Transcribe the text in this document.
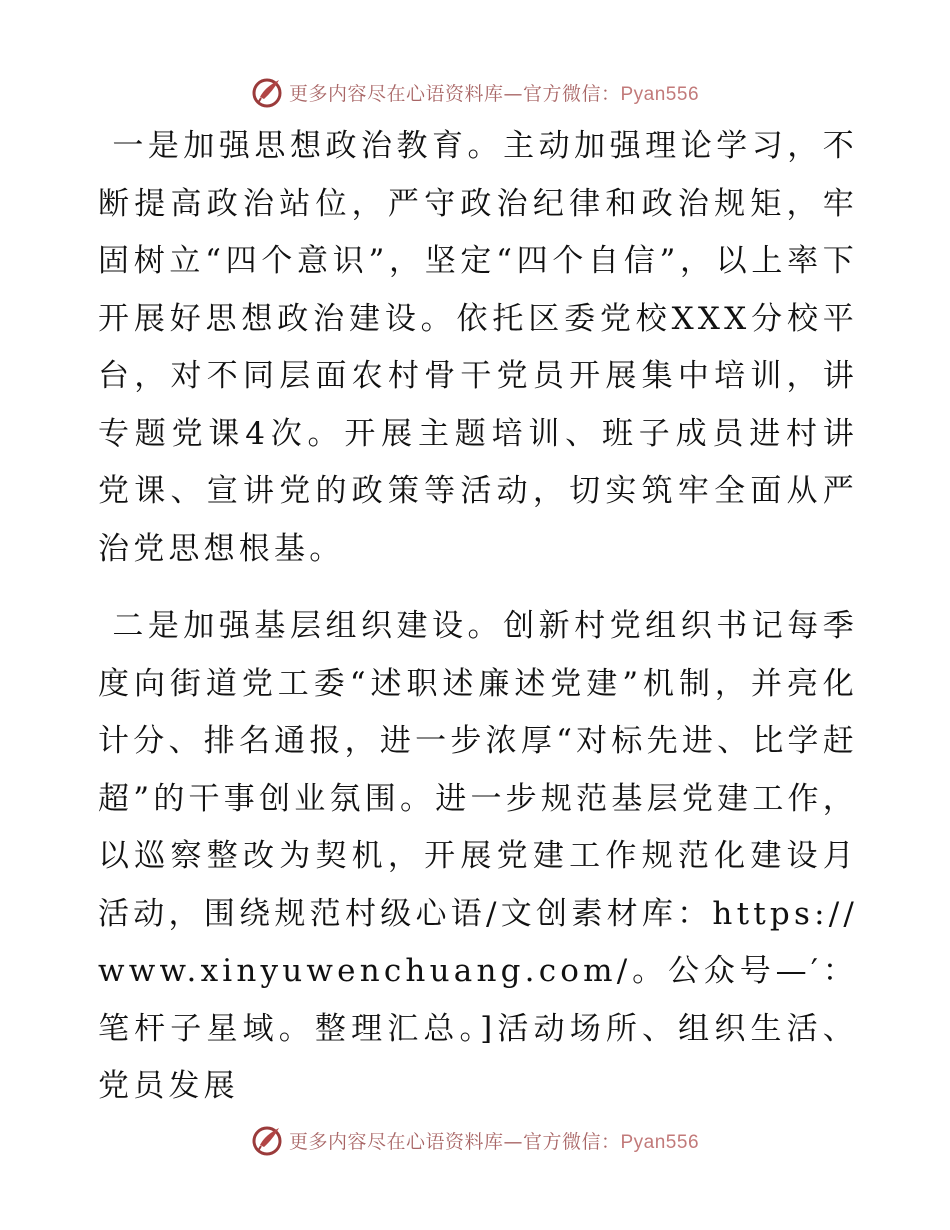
更多内容尽在心语资料库—官方微信：Pyan556

一是加强思想政治教育。主动加强理论学习，不断提高政治站位，严守政治纪律和政治规矩，牢固树立“四个意识”，坚定“四个自信”，以上率下开展好思想政治建设。依托区委党校XXX分校平台，对不同层面农村骨干党员开展集中培训，讲专题党课4次。开展主题培训、班子成员进村讲党课、宣讲党的政策等活动，切实筑牢全面从严治党思想根基。

二是加强基层组织建设。创新村党组织书记每季度向街道党工委“述职述廉述党建”机制，并亮化计分、排名通报，进一步浓厚“对标先进、比学赶超”的干事创业氛围。进一步规范基层党建工作，以巡察整改为契机，开展党建工作规范化建设月活动，围绕规范村级心语/文创素材库：https://www.xinyuwenchuang.com/。公众号—′：笔杆子星域。整理汇总。]活动场所、组织生活、党员发展

更多内容尽在心语资料库—官方微信：Pyan556
